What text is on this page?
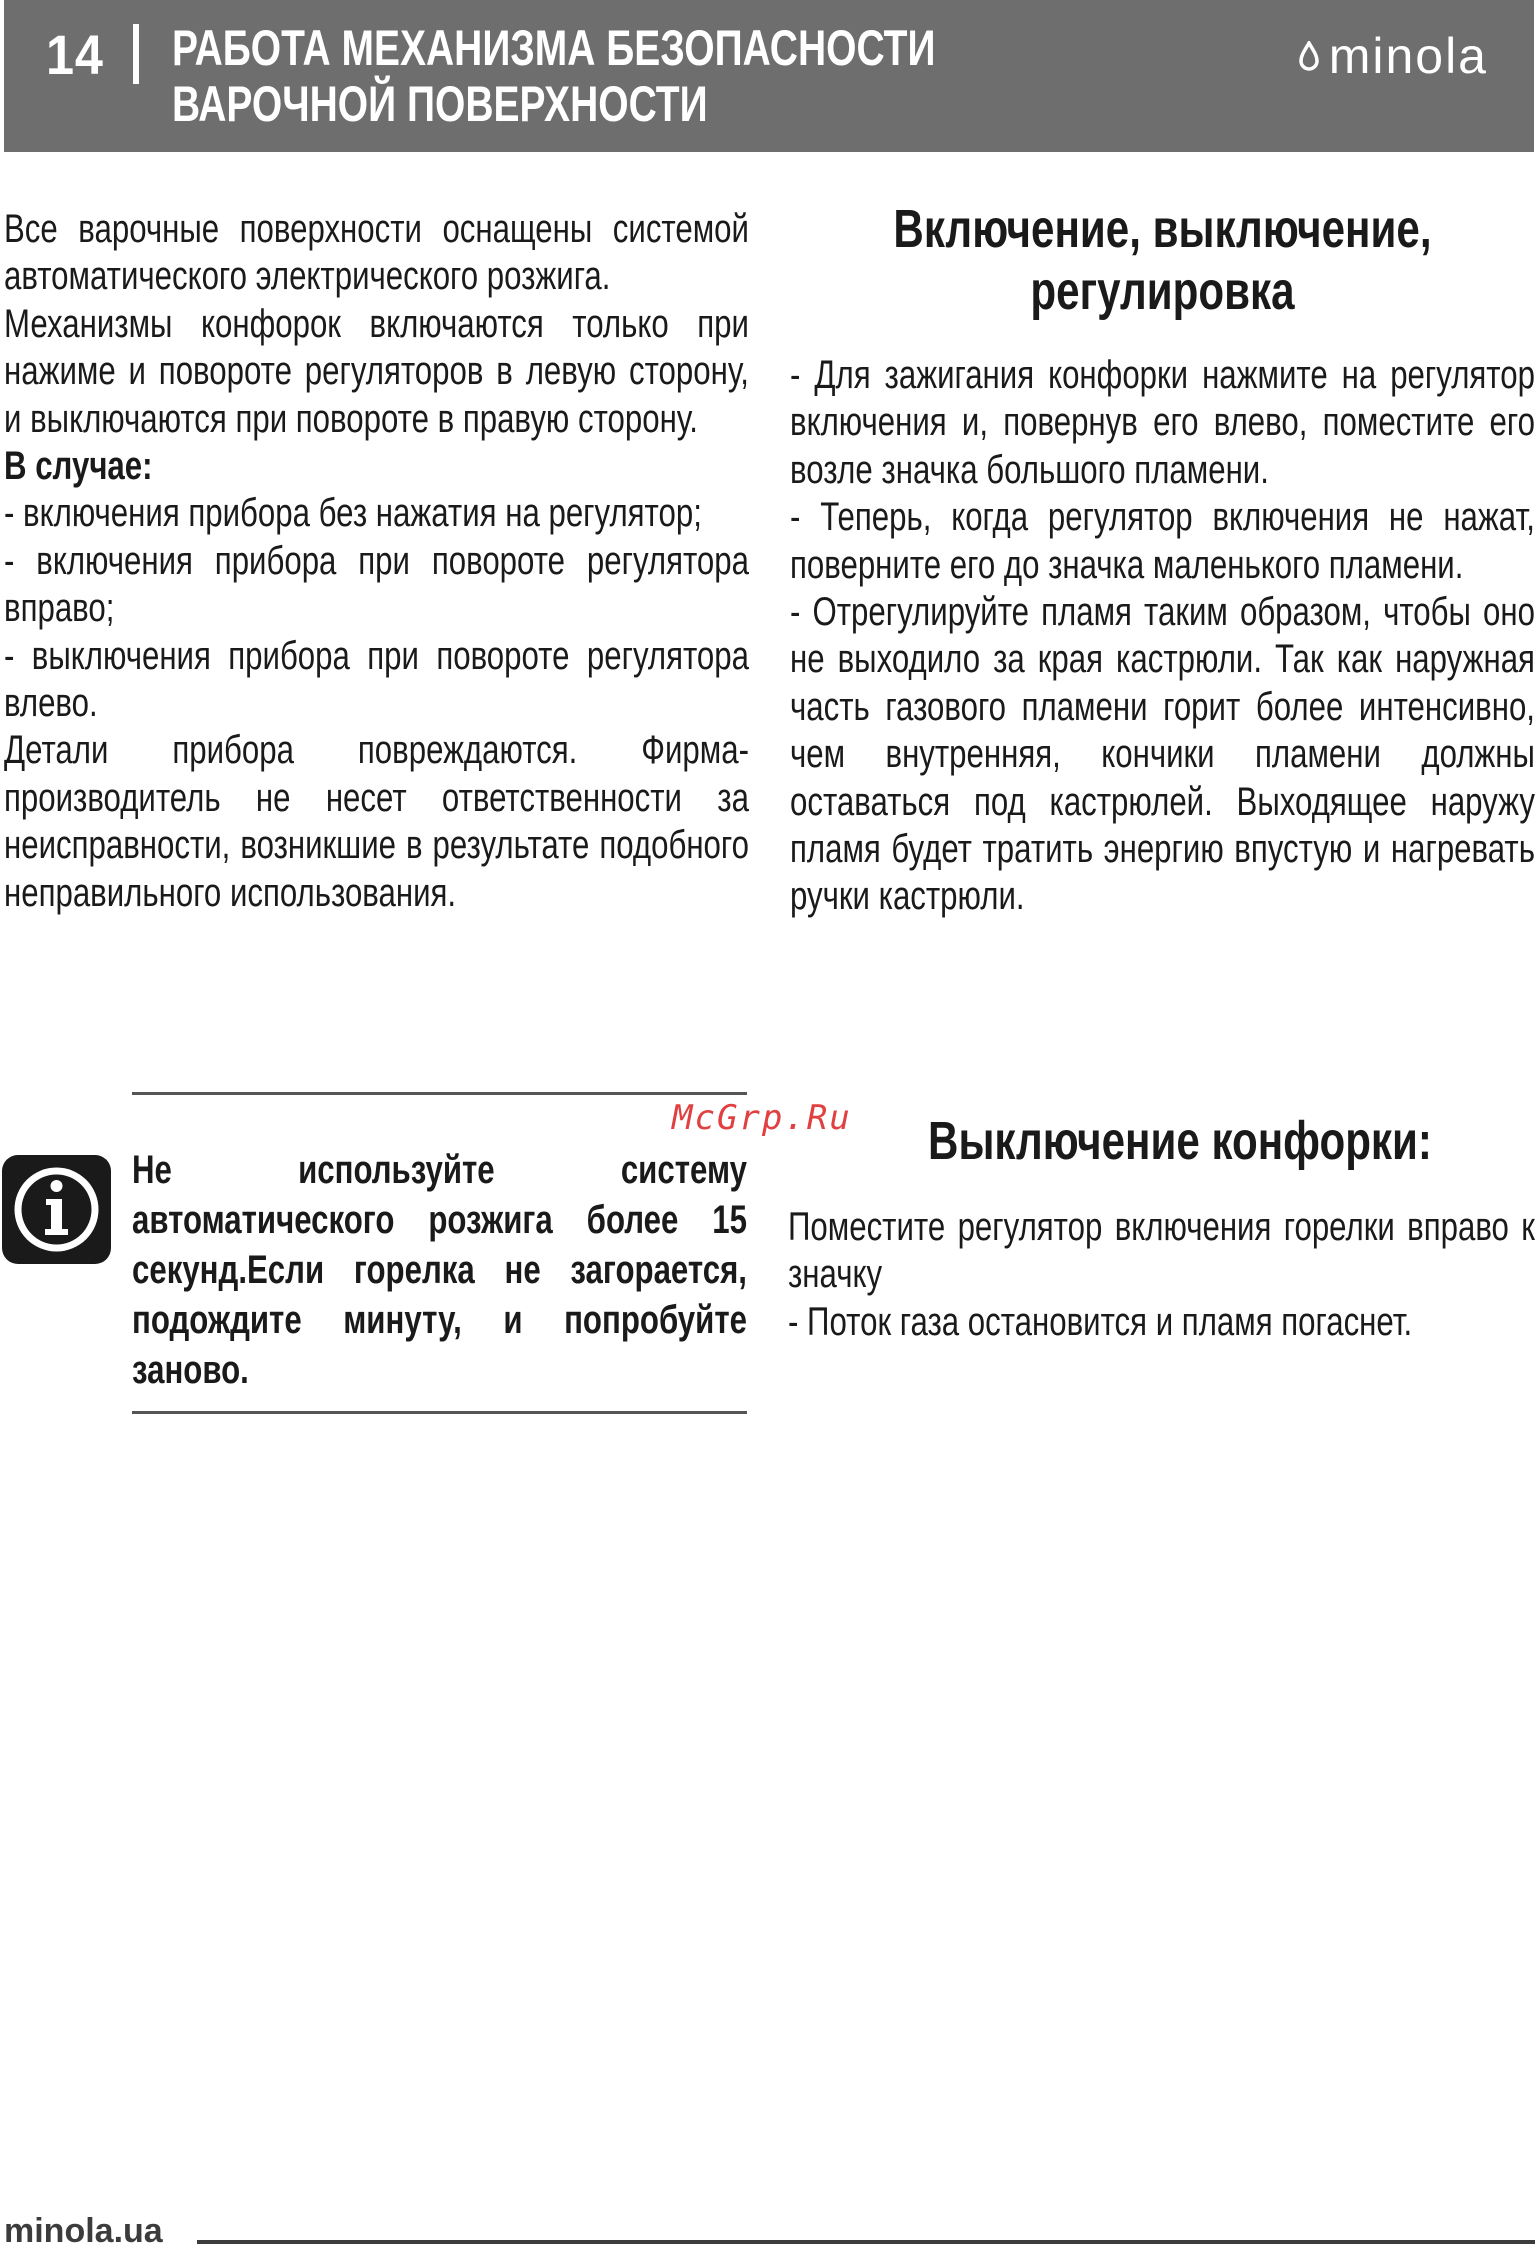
14 РАБОТА МЕХАНИЗМА БЕЗОПАСНОСТИ
ВАРОЧНОЙ ПОВЕРХНОСТИ
minola

Все варочные поверхности оснащены системой автоматического электрического розжига.

Механизмы конфорок включаются только при нажиме и повороте регуляторов в левую сторону, и выключаются при повороте в правую сторону.

В случае:

- включения прибора без нажатия на регулятор;

- включения прибора при повороте регулятора вправо;

- выключения прибора при повороте регулятора влево.

Детали прибора повреждаются. Фирма-производитель не несет ответственности за неисправности, возникшие в результате подобного неправильного использования.

Включение, выключение, регулировка

- Для зажигания конфорки нажмите на регулятор включения и, повернув его влево, поместите его возле значка большого пламени.

- Теперь, когда регулятор включения не нажат, поверните его до значка маленького пламени.

- Отрегулируйте пламя таким образом, чтобы оно не выходило за края кастрюли. Так как наружная часть газового пламени горит более интенсивно, чем внутренняя, кончики пламени должны оставаться под кастрюлей. Выходящее наружу пламя будет тратить энергию впустую и нагревать ручки кастрюли.

Не используйте систему автоматического розжига более 15 секунд.Если горелка не загорается, подождите минуту, и попробуйте заново.
McGrp.Ru	Выключение конфорки:

Поместите регулятор включения горелки вправо к значку

- Поток газа остановится и пламя погаснет.

minola.ua
